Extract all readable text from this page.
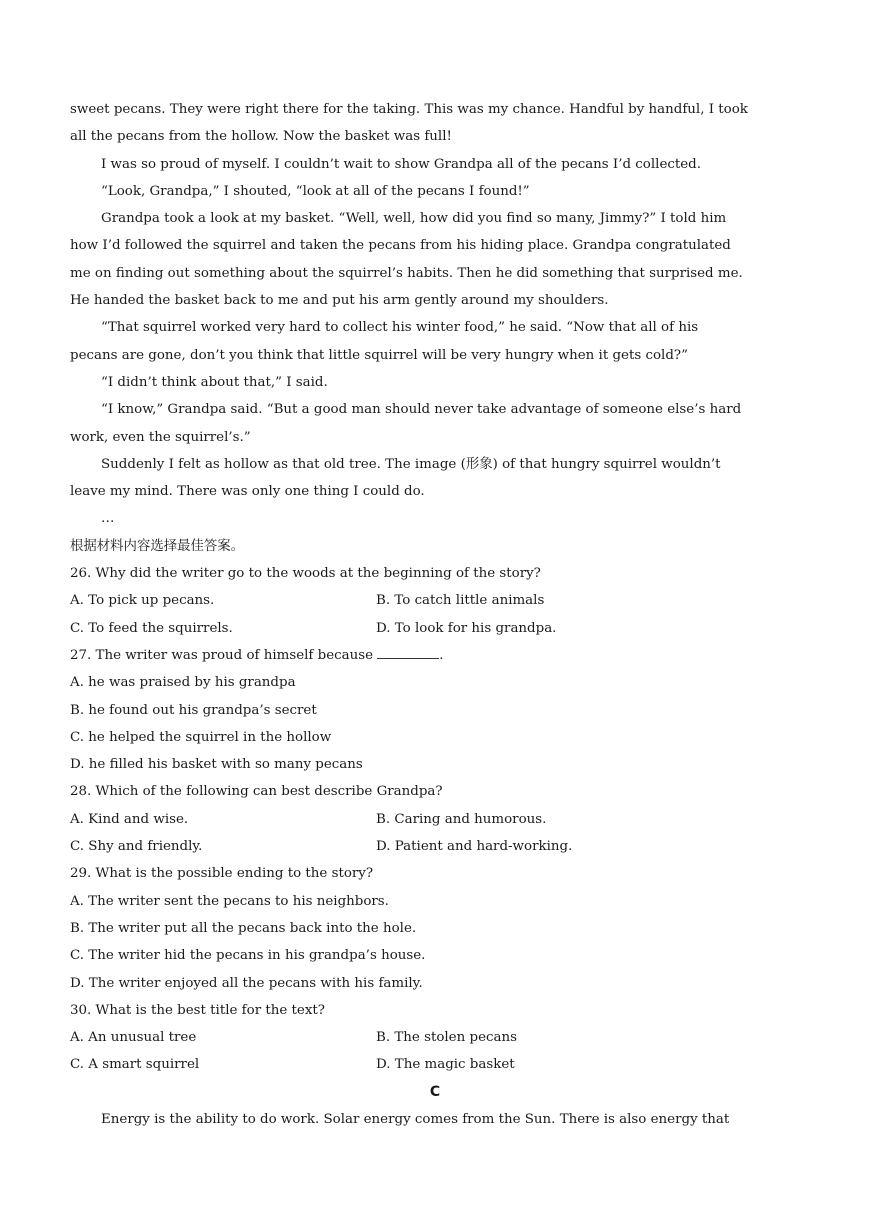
sweet pecans. They were right there for the taking. This was my chance. Handful by handful, I took
all the pecans from the hollow. Now the basket was full!
I was so proud of myself. I couldn’t wait to show Grandpa all of the pecans I’d collected.
“Look, Grandpa,” I shouted, “look at all of the pecans I found!”
Grandpa took a look at my basket. “Well, well, how did you find so many, Jimmy?” I told him
how I’d followed the squirrel and taken the pecans from his hiding place. Grandpa congratulated
me on finding out something about the squirrel’s habits. Then he did something that surprised me.
He handed the basket back to me and put his arm gently around my shoulders.
“That squirrel worked very hard to collect his winter food,” he said. “Now that all of his
pecans are gone, don’t you think that little squirrel will be very hungry when it gets cold?”
“I didn’t think about that,” I said.
“I know,” Grandpa said. “But a good man should never take advantage of someone else’s hard
work, even the squirrel’s.”
Suddenly I felt as hollow as that old tree. The image (形象) of that hungry squirrel wouldn’t
leave my mind. There was only one thing I could do.
…
根据材料内容选择最佳答案。
26. Why did the writer go to the woods at the beginning of the story?
A. To pick up pecans.	B. To catch little animals
C. To feed the squirrels.	D. To look for his grandpa.
27. The writer was proud of himself because	.
A. he was praised by his grandpa
B. he found out his grandpa’s secret
C. he helped the squirrel in the hollow
D. he filled his basket with so many pecans
28. Which of the following can best describe Grandpa?
A. Kind and wise.	B. Caring and humorous.
C. Shy and friendly.	D. Patient and hard-working.
29. What is the possible ending to the story?
A. The writer sent the pecans to his neighbors.
B. The writer put all the pecans back into the hole.
C. The writer hid the pecans in his grandpa’s house.
D. The writer enjoyed all the pecans with his family.
30. What is the best title for the text?
A. An unusual tree	B. The stolen pecans
C. A smart squirrel	D. The magic basket
C
Energy is the ability to do work. Solar energy comes from the Sun. There is also energy that
